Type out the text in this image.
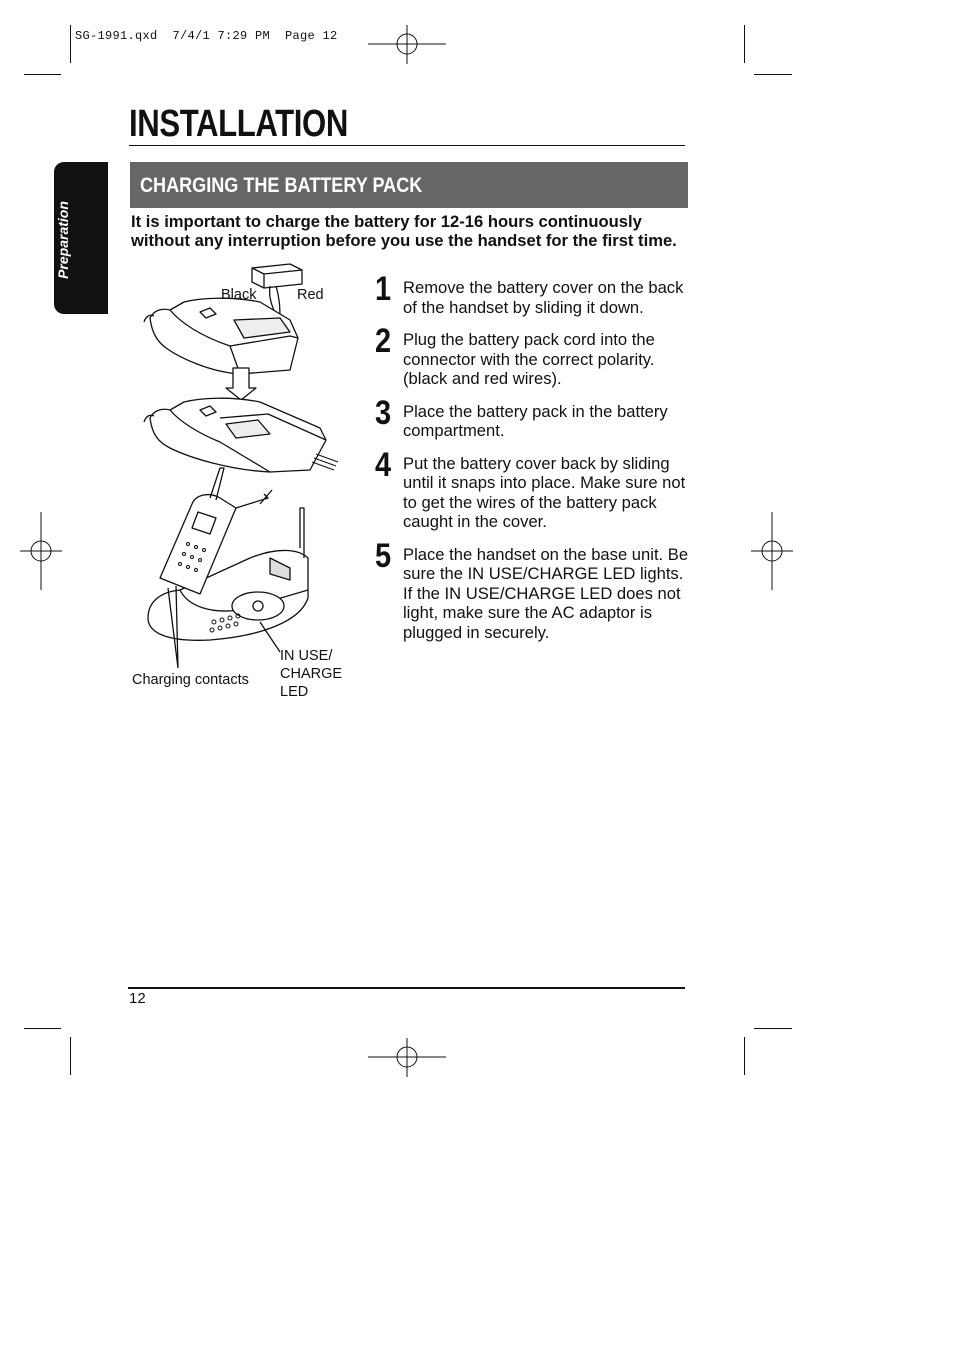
SG-1991.qxd  7/4/1 7:29 PM  Page 12
INSTALLATION
Preparation
CHARGING THE BATTERY PACK
It is important to charge the battery for 12-16 hours continuously without any interruption before you use the handset for the first time.
Black	Red
Charging contacts
IN USE/
CHARGE
LED
1 Remove the battery cover on the back of the handset by sliding it down.
2 Plug the battery pack cord into the connector with the correct polarity. (black and red wires).
3 Place the battery pack in the battery compartment.
4 Put the battery cover back by sliding until it snaps into place. Make sure not to get the wires of the battery pack caught in the cover.
5 Place the handset on the base unit. Be sure the IN USE/CHARGE LED lights.
If the IN USE/CHARGE LED does not light, make sure the AC adaptor is plugged in securely.
12
